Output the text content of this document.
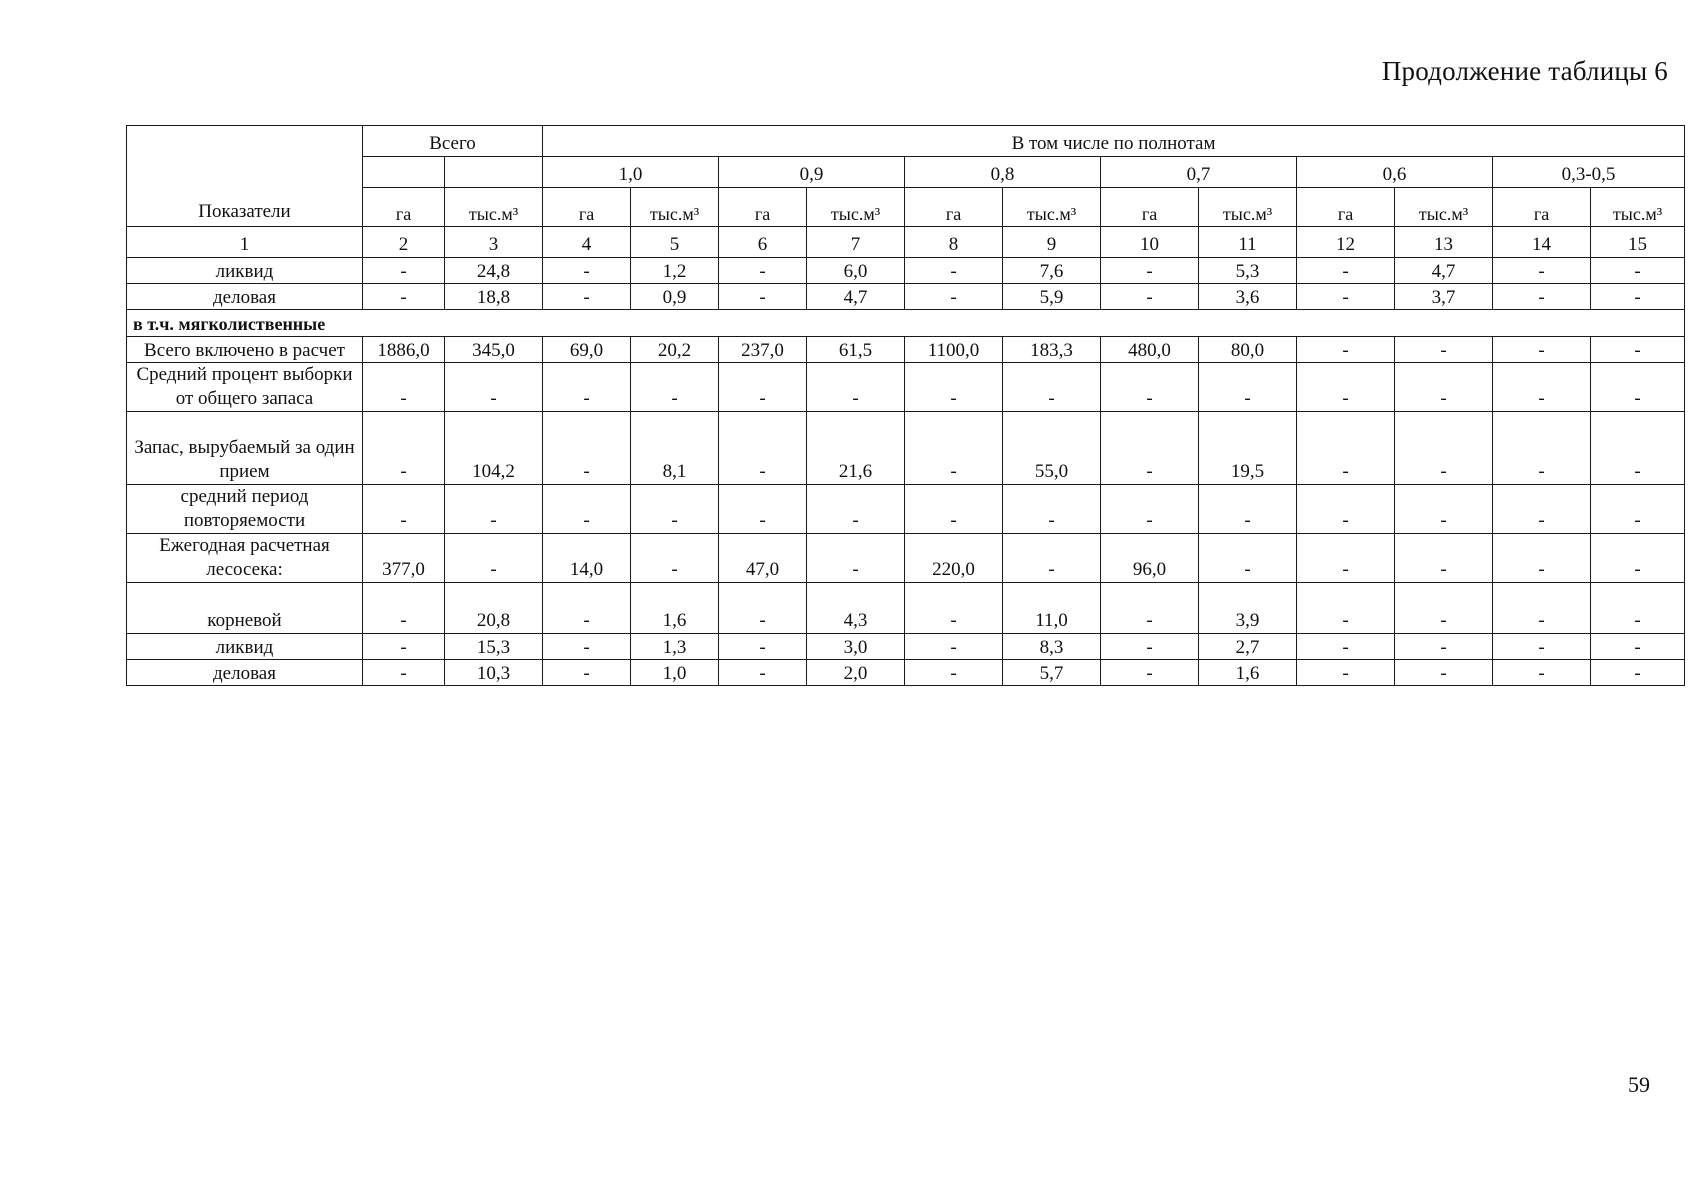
Продолжение таблицы 6
Показатели	Всего		В том числе по полнотам											
			1,0		0,9		0,8		0,7		0,6		0,3-0,5	
	га	тыс.м³	га	тыс.м³	га	тыс.м³	га	тыс.м³	га	тыс.м³	га	тыс.м³	га	тыс.м³
1	2	3	4	5	6	7	8	9	10	11	12	13	14	15
ликвид	-	24,8	-	1,2	-	6,0	-	7,6	-	5,3	-	4,7	-	-
деловая	-	18,8	-	0,9	-	4,7	-	5,9	-	3,6	-	3,7	-	-
в т.ч. мягколиственные														
Всего включено в расчет	1886,0	345,0	69,0	20,2	237,0	61,5	1100,0	183,3	480,0	80,0	-	-	-	-
Средний процент выборки от общего запаса	-	-	-	-	-	-	-	-	-	-	-	-	-	-
Запас, вырубаемый за один прием	-	104,2	-	8,1	-	21,6	-	55,0	-	19,5	-	-	-	-
средний период повторяемости	-	-	-	-	-	-	-	-	-	-	-	-	-	-
Ежегодная расчетная лесосека:	377,0	-	14,0	-	47,0	-	220,0	-	96,0	-	-	-	-	-
корневой	-	20,8	-	1,6	-	4,3	-	11,0	-	3,9	-	-	-	-
ликвид	-	15,3	-	1,3	-	3,0	-	8,3	-	2,7	-	-	-	-
деловая	-	10,3	-	1,0	-	2,0	-	5,7	-	1,6	-	-	-	-
59
